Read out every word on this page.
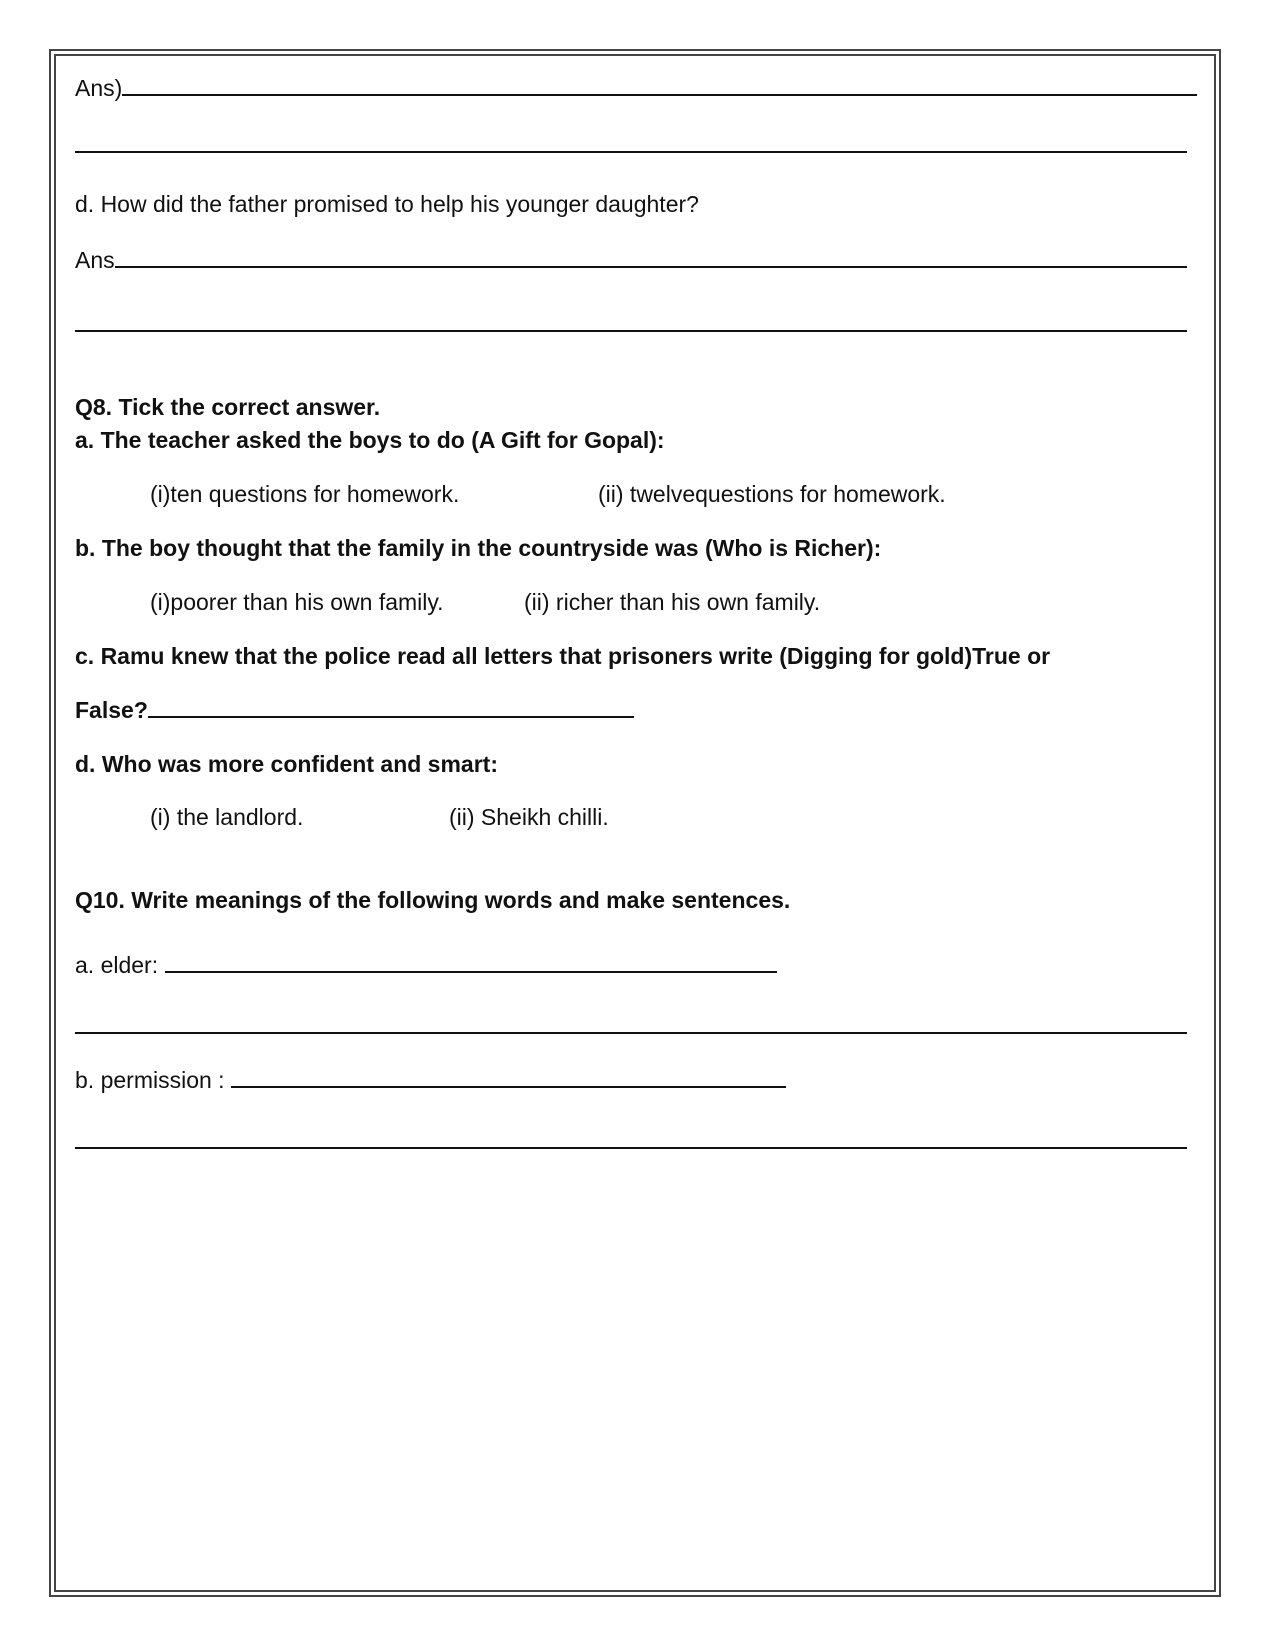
Ans)
d. How did the father promised to help his younger daughter?
Ans
Q8. Tick the correct answer.
a. The teacher asked the boys to do (A Gift for Gopal):
(i)ten questions for homework.	(ii) twelvequestions for homework.
b. The boy thought that the family in the countryside was (Who is Richer):
(i)poorer than his own family.	(ii) richer than his own family.
c. Ramu knew that the police read all letters that prisoners write (Digging for gold)True or
False?
d. Who was more confident and smart:
(i) the landlord.	(ii) Sheikh chilli.
Q10. Write meanings of the following words and make sentences.
a. elder:
b. permission :
